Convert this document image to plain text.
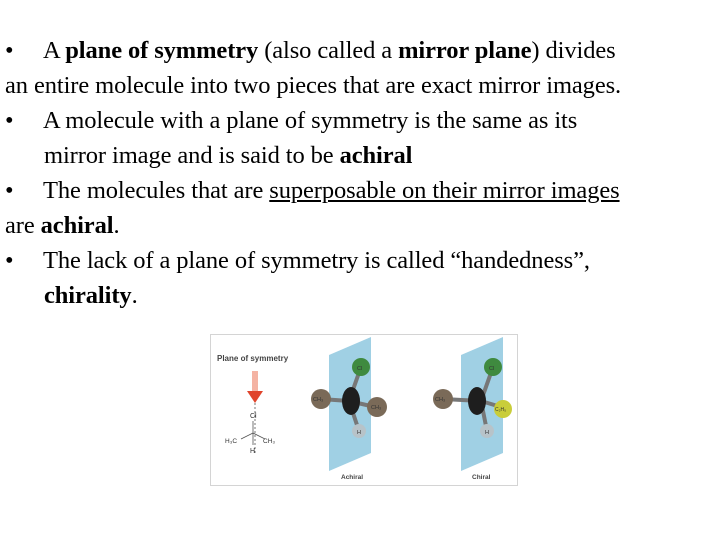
•A plane of symmetry (also called a mirror plane) divides
an entire molecule into two pieces that are exact mirror images.
•A molecule with a plane of symmetry is the same as its
mirror image and is said to be achiral
•The molecules that are superposable on their mirror images
are achiral.
•The lack of a plane of symmetry is called “handedness”,
chirality.
Plane of symmetry
Cl
H₃C	CH₃
H
Cl
CH₃
CH₃
H
Achiral
Cl
CH₃
C₂H₅
H
Chiral
